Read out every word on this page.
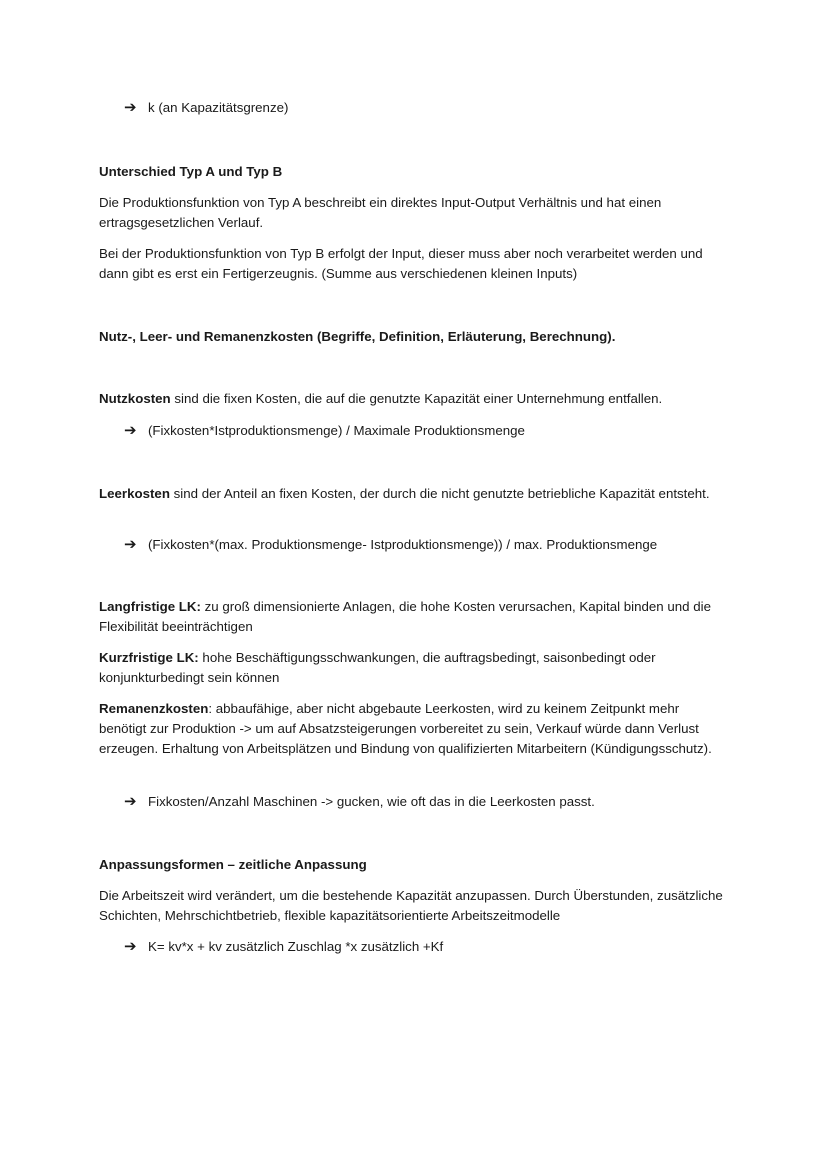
➔ k (an Kapazitätsgrenze)
Unterschied Typ A und Typ B
Die Produktionsfunktion von Typ A beschreibt ein direktes Input-Output Verhältnis und hat einen ertragsgesetzlichen Verlauf.
Bei der Produktionsfunktion von Typ B erfolgt der Input, dieser muss aber noch verarbeitet werden und dann gibt es erst ein Fertigerzeugnis. (Summe aus verschiedenen kleinen Inputs)
Nutz-, Leer- und Remanenzkosten (Begriffe, Definition, Erläuterung, Berechnung).
Nutzkosten sind die fixen Kosten, die auf die genutzte Kapazität einer Unternehmung entfallen.
➔ (Fixkosten*Istproduktionsmenge) / Maximale Produktionsmenge
Leerkosten sind der Anteil an fixen Kosten, der durch die nicht genutzte betriebliche Kapazität entsteht.
➔ (Fixkosten*(max. Produktionsmenge- Istproduktionsmenge)) / max. Produktionsmenge
Langfristige LK: zu groß dimensionierte Anlagen, die hohe Kosten verursachen, Kapital binden und die Flexibilität beeinträchtigen
Kurzfristige LK: hohe Beschäftigungsschwankungen, die auftragsbedingt, saisonbedingt oder konjunkturbedingt sein können
Remanenzkosten: abbaufähige, aber nicht abgebaute Leerkosten, wird zu keinem Zeitpunkt mehr benötigt zur Produktion -> um auf Absatzsteigerungen vorbereitet zu sein, Verkauf würde dann Verlust erzeugen. Erhaltung von Arbeitsplätzen und Bindung von qualifizierten Mitarbeitern (Kündigungsschutz).
➔ Fixkosten/Anzahl Maschinen -> gucken, wie oft das in die Leerkosten passt.
Anpassungsformen – zeitliche Anpassung
Die Arbeitszeit wird verändert, um die bestehende Kapazität anzupassen. Durch Überstunden, zusätzliche Schichten, Mehrschichtbetrieb, flexible kapazitätsorientierte Arbeitszeitmodelle
➔ K= kv*x + kv zusätzlich Zuschlag *x zusätzlich +Kf
